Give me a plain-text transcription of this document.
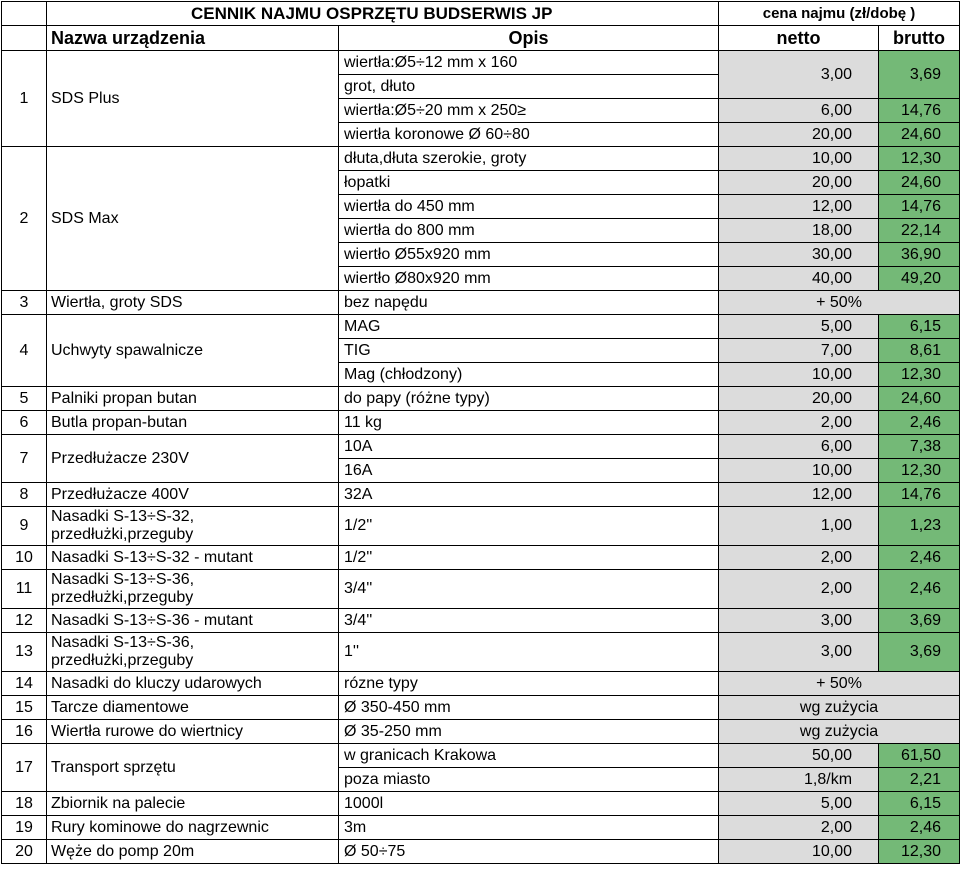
	CENNIK NAJMU OSPRZĘTU BUDSERWIS JP		cena najmu (zł/dobę )	
	Nazwa urządzenia	Opis	netto	brutto
1	SDS Plus	wiertła:Ø5÷12 mm x 160	3,00	3,69
		grot, dłuto		
		wiertła:Ø5÷20 mm x 250≥	6,00	14,76
		wiertła koronowe Ø 60÷80	20,00	24,60
2	SDS Max	dłuta,dłuta szerokie, groty	10,00	12,30
		łopatki	20,00	24,60
		wiertła do 450 mm	12,00	14,76
		wiertła do 800 mm	18,00	22,14
		wiertło Ø55x920 mm	30,00	36,90
		wiertło Ø80x920 mm	40,00	49,20
3	Wiertła, groty SDS	bez napędu	+ 50%	
4	Uchwyty spawalnicze	MAG	5,00	6,15
		TIG	7,00	8,61
		Mag (chłodzony)	10,00	12,30
5	Palniki propan butan	do papy (różne typy)	20,00	24,60
6	Butla propan-butan	11 kg	2,00	2,46
7	Przedłużacze 230V	10A	6,00	7,38
		16A	10,00	12,30
8	Przedłużacze 400V	32A	12,00	14,76
9	Nasadki S-13÷S-32, przedłużki,przeguby	1/2''	1,00	1,23
10	Nasadki S-13÷S-32 - mutant	1/2''	2,00	2,46
11	Nasadki S-13÷S-36, przedłużki,przeguby	3/4''	2,00	2,46
12	Nasadki S-13÷S-36 - mutant	3/4''	3,00	3,69
13	Nasadki S-13÷S-36, przedłużki,przeguby	1''	3,00	3,69
14	Nasadki do kluczy udarowych	rózne typy	+ 50%	
15	Tarcze diamentowe	Ø 350-450 mm	wg zużycia	
16	Wiertła rurowe do wiertnicy	Ø 35-250 mm	wg zużycia	
17	Transport sprzętu	w granicach Krakowa	50,00	61,50
		poza miasto	1,8/km	2,21
18	Zbiornik na palecie	1000l	5,00	6,15
19	Rury kominowe do nagrzewnic	3m	2,00	2,46
20	Węże do pomp 20m	Ø 50÷75	10,00	12,30
